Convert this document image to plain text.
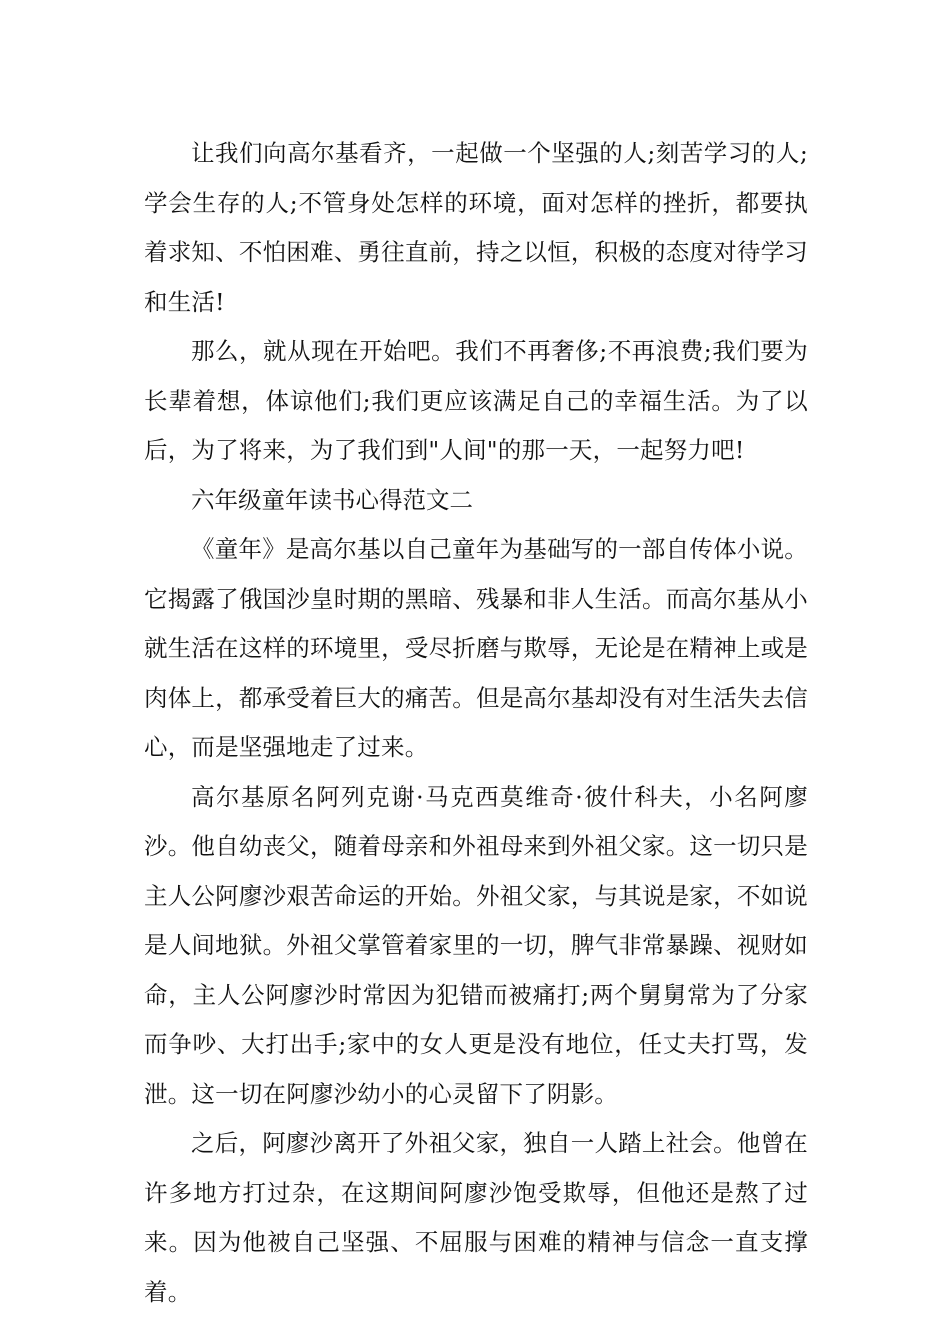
让我们向高尔基看齐，一起做一个坚强的人;刻苦学习的人;学会生存的人;不管身处怎样的环境，面对怎样的挫折，都要执着求知、不怕困难、勇往直前，持之以恒，积极的态度对待学习和生活!

那么，就从现在开始吧。我们不再奢侈;不再浪费;我们要为长辈着想，体谅他们;我们更应该满足自己的幸福生活。为了以后，为了将来，为了我们到"人间"的那一天，一起努力吧!

六年级童年读书心得范文二

《童年》是高尔基以自己童年为基础写的一部自传体小说。它揭露了俄国沙皇时期的黑暗、残暴和非人生活。而高尔基从小就生活在这样的环境里，受尽折磨与欺辱，无论是在精神上或是肉体上，都承受着巨大的痛苦。但是高尔基却没有对生活失去信心，而是坚强地走了过来。

高尔基原名阿列克谢·马克西莫维奇·彼什科夫，小名阿廖沙。他自幼丧父，随着母亲和外祖母来到外祖父家。这一切只是主人公阿廖沙艰苦命运的开始。外祖父家，与其说是家，不如说是人间地狱。外祖父掌管着家里的一切，脾气非常暴躁、视财如命，主人公阿廖沙时常因为犯错而被痛打;两个舅舅常为了分家而争吵、大打出手;家中的女人更是没有地位，任丈夫打骂，发泄。这一切在阿廖沙幼小的心灵留下了阴影。

之后，阿廖沙离开了外祖父家，独自一人踏上社会。他曾在许多地方打过杂，在这期间阿廖沙饱受欺辱，但他还是熬了过来。因为他被自己坚强、不屈服与困难的精神与信念一直支撑着。
